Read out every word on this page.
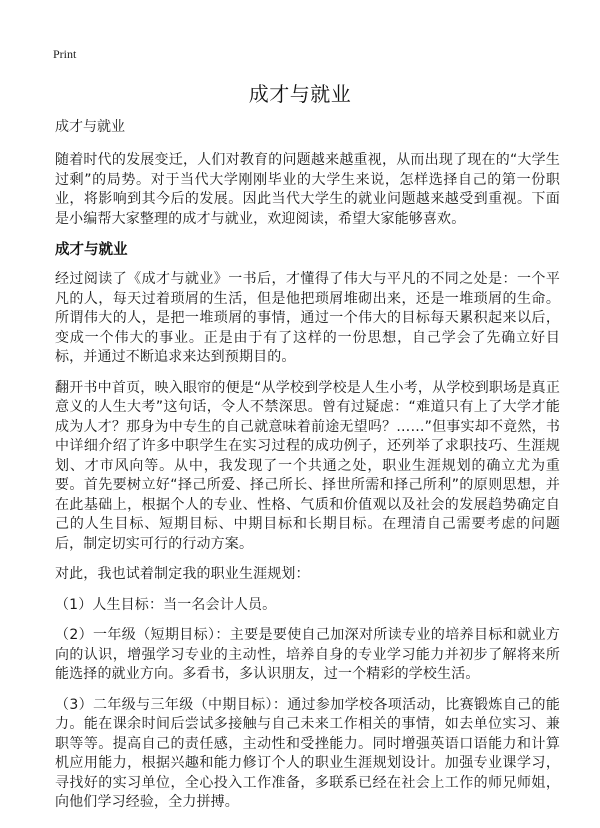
Print
成才与就业

成才与就业

随着时代的发展变迁，人们对教育的问题越来越重视，从而出现了现在的“大学生过剩”的局势。对于当代大学刚刚毕业的大学生来说，怎样选择自己的第一份职业，将影响到其今后的发展。因此当代大学生的就业问题越来越受到重视。下面是小编帮大家整理的成才与就业，欢迎阅读，希望大家能够喜欢。

成才与就业

经过阅读了《成才与就业》一书后，才懂得了伟大与平凡的不同之处是：一个平凡的人，每天过着琐屑的生活，但是他把琐屑堆砌出来，还是一堆琐屑的生命。所谓伟大的人，是把一堆琐屑的事情，通过一个伟大的目标每天累积起来以后，变成一个伟大的事业。正是由于有了这样的一份思想，自己学会了先确立好目标，并通过不断追求来达到预期目的。

翻开书中首页，映入眼帘的便是“从学校到学校是人生小考，从学校到职场是真正意义的人生大考”这句话，令人不禁深思。曾有过疑虑：“难道只有上了大学才能成为人才？那身为中专生的自己就意味着前途无望吗？……”但事实却不竟然，书中详细介绍了许多中职学生在实习过程的成功例子，还列举了求职技巧、生涯规划、才市风向等。从中，我发现了一个共通之处，职业生涯规划的确立尤为重要。首先要树立好“择己所爱、择己所长、择世所需和择己所利”的原则思想，并在此基础上，根据个人的专业、性格、气质和价值观以及社会的发展趋势确定自己的人生目标、短期目标、中期目标和长期目标。在理清自己需要考虑的问题后，制定切实可行的行动方案。

对此，我也试着制定我的职业生涯规划：

（1）人生目标：当一名会计人员。

（2）一年级（短期目标）：主要是要使自己加深对所读专业的培养目标和就业方向的认识，增强学习专业的主动性，培养自身的专业学习能力并初步了解将来所能选择的就业方向。多看书，多认识朋友，过一个精彩的学校生活。

（3）二年级与三年级（中期目标）：通过参加学校各项活动，比赛锻炼自己的能力。能在课余时间后尝试多接触与自己未来工作相关的事情，如去单位实习、兼职等等。提高自己的责任感，主动性和受挫能力。同时增强英语口语能力和计算机应用能力，根据兴趣和能力修订个人的职业生涯规划设计。加强专业课学习，寻找好的实习单位，全心投入工作准备，多联系已经在社会上工作的师兄师姐，向他们学习经验，全力拼搏。
